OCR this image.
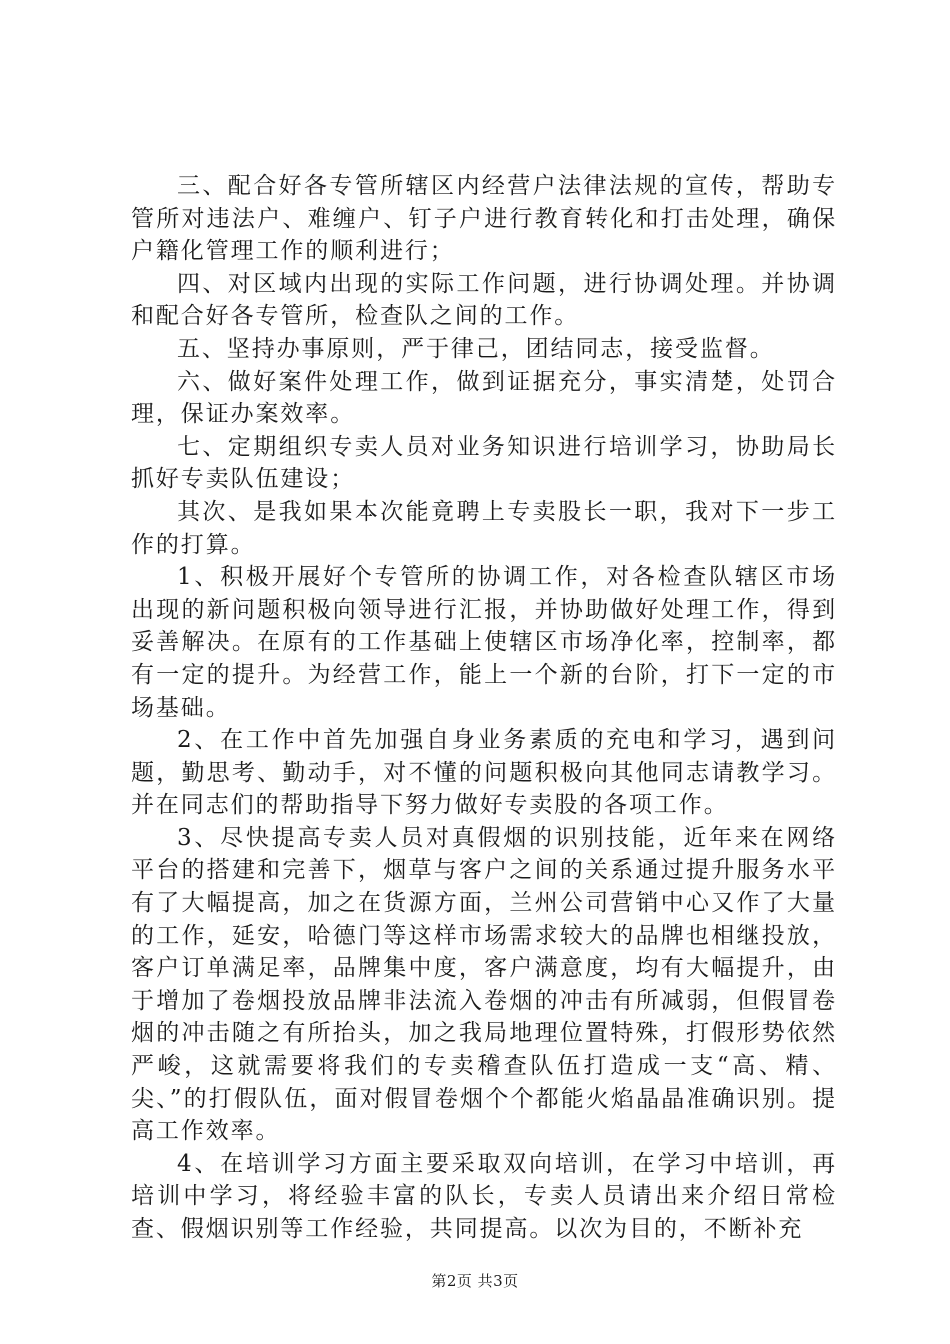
三、配合好各专管所辖区内经营户法律法规的宣传，帮助专管所对违法户、难缠户、钉子户进行教育转化和打击处理，确保户籍化管理工作的顺利进行；

四、对区域内出现的实际工作问题，进行协调处理。并协调和配合好各专管所，检查队之间的工作。

五、坚持办事原则，严于律己，团结同志，接受监督。

六、做好案件处理工作，做到证据充分，事实清楚，处罚合理，保证办案效率。

七、定期组织专卖人员对业务知识进行培训学习，协助局长抓好专卖队伍建设；

其次、是我如果本次能竟聘上专卖股长一职，我对下一步工作的打算。

1、积极开展好个专管所的协调工作，对各检查队辖区市场出现的新问题积极向领导进行汇报，并协助做好处理工作，得到妥善解决。在原有的工作基础上使辖区市场净化率，控制率，都有一定的提升。为经营工作，能上一个新的台阶，打下一定的市场基础。

2、在工作中首先加强自身业务素质的充电和学习，遇到问题，勤思考、勤动手，对不懂的问题积极向其他同志请教学习。并在同志们的帮助指导下努力做好专卖股的各项工作。

3、尽快提高专卖人员对真假烟的识别技能，近年来在网络平台的搭建和完善下，烟草与客户之间的关系通过提升服务水平有了大幅提高，加之在货源方面，兰州公司营销中心又作了大量的工作，延安，哈德门等这样市场需求较大的品牌也相继投放，客户订单满足率，品牌集中度，客户满意度，均有大幅提升，由于增加了卷烟投放品牌非法流入卷烟的冲击有所减弱，但假冒卷烟的冲击随之有所抬头，加之我局地理位置特殊，打假形势依然严峻，这就需要将我们的专卖稽查队伍打造成一支“高、精、尖、”的打假队伍，面对假冒卷烟个个都能火焰晶晶准确识别。提高工作效率。

4、在培训学习方面主要采取双向培训，在学习中培训，再培训中学习，将经验丰富的队长，专卖人员请出来介绍日常检查、假烟识别等工作经验，共同提高。以次为目的，不断补充

第2页 共3页
